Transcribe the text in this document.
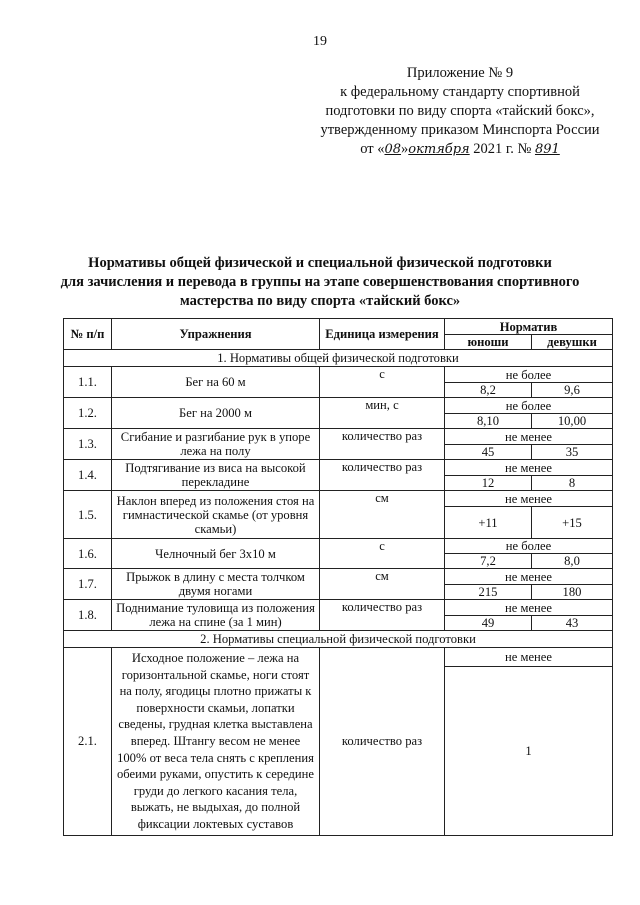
19
Приложение № 9
к федеральному стандарту спортивной
подготовки по виду спорта «тайский бокс»,
утвержденному приказом Минспорта России
от «08»октября 2021 г. № 891
Нормативы общей физической и специальной физической подготовки
для зачисления и перевода в группы на этапе совершенствования спортивного
мастерства по виду спорта «тайский бокс»
№ п/п	Упражнения	Единица измерения	Норматив	
			юноши	девушки
1. Нормативы общей физической подготовки				
1.1.	Бег на 60 м	с	не более	
			8,2	9,6
1.2.	Бег на 2000 м	мин, с	не более	
			8,10	10,00
1.3.	Сгибание и разгибание рук в упоре лежа на полу	количество раз	не менее	
			45	35
1.4.	Подтягивание из виса на высокой перекладине	количество раз	не менее	
			12	8
1.5.	Наклон вперед из положения стоя на гимнастической скамье (от уровня скамьи)	см	не менее	
			+11	+15
1.6.	Челночный бег 3х10 м	с	не более	
			7,2	8,0
1.7.	Прыжок в длину с места толчком двумя ногами	см	не менее	
			215	180
1.8.	Поднимание туловища из положения лежа на спине (за 1 мин)	количество раз	не менее	
			49	43
2. Нормативы специальной физической подготовки				
2.1.	Исходное положение – лежа на горизонтальной скамье, ноги стоят на полу, ягодицы плотно прижаты к поверхности скамьи, лопатки сведены, грудная клетка выставлена вперед. Штангу весом не менее 100% от веса тела снять с крепления обеими руками, опустить к середине груди до легкого касания тела, выжать, не выдыхая, до полной фиксации локтевых суставов	количество раз	не менее	
			1	
